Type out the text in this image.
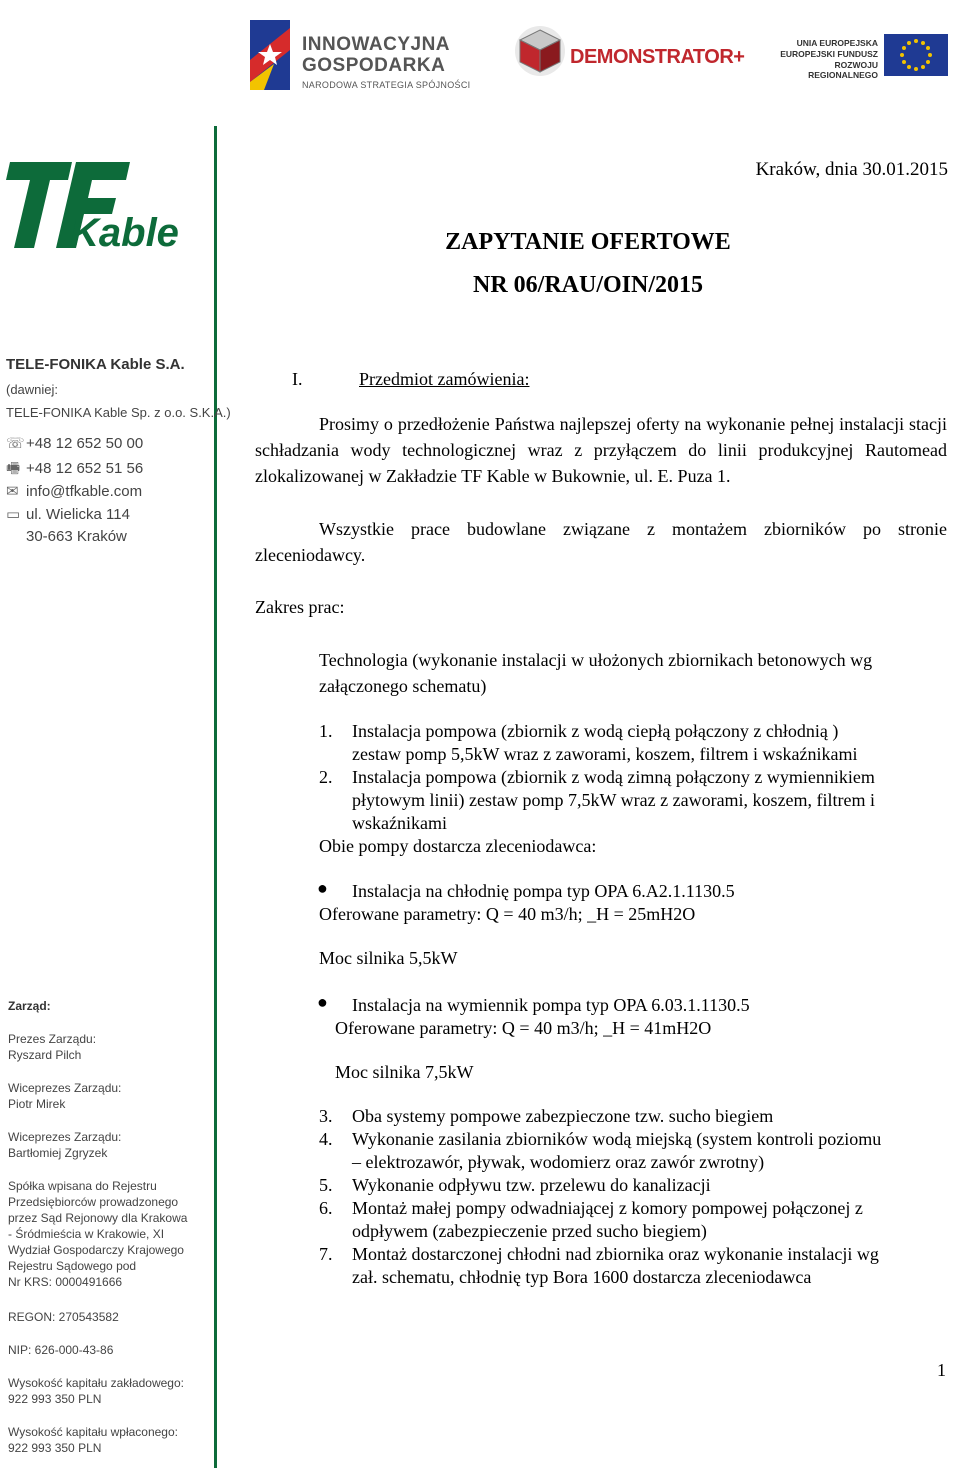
INNOWACYJNA
GOSPODARKA
NARODOWA STRATEGIA SPÓJNOŚCI
DEMONSTRATOR+
UNIA EUROPEJSKA
EUROPEJSKI FUNDUSZ
ROZWOJU REGIONALNEGO
Kable
TELE-FONIKA Kable S.A.
(dawniej:
TELE-FONIKA Kable Sp. z o.o. S.K.A.)
☏+48 12 652 50 00
🖷 +48 12 652 51 56
✉ info@tfkable.com
▭ ul. Wielicka 114
30-663 Kraków
Zarząd:
Prezes Zarządu:
Ryszard Pilch
Wiceprezes Zarządu:
Piotr Mirek
Wiceprezes Zarządu:
Bartłomiej Zgryzek
Spółka wpisana do Rejestru
Przedsiębiorców prowadzonego
przez Sąd Rejonowy dla Krakowa
- Śródmieścia w Krakowie, XI
Wydział Gospodarczy Krajowego
Rejestru Sądowego pod
Nr KRS: 0000491666
REGON: 270543582
NIP: 626-000-43-86
Wysokość kapitału zakładowego:
922 993 350 PLN
Wysokość kapitału wpłaconego:
922 993 350 PLN
Kraków, dnia 30.01.2015
ZAPYTANIE OFERTOWE
NR 06/RAU/OIN/2015
I.	Przedmiot zamówienia:
Prosimy o przedłożenie Państwa najlepszej oferty na wykonanie pełnej instalacji stacji schładzania wody technologicznej wraz z przyłączem do linii produkcyjnej Rautomead zlokalizowanej w Zakładzie TF Kable w Bukownie, ul. E. Puza 1.
Wszystkie prace budowlane związane z montażem zbiorników po stronie zleceniodawcy.
Zakres prac:
Technologia (wykonanie instalacji w ułożonych zbiornikach betonowych wg
załączonego schematu)
1. Instalacja pompowa (zbiornik z wodą ciepłą połączony z chłodnią )
zestaw pomp 5,5kW wraz z zaworami, koszem, filtrem i wskaźnikami
2. Instalacja pompowa (zbiornik z wodą zimną połączony z wymiennikiem
płytowym linii) zestaw pomp 7,5kW wraz z zaworami, koszem, filtrem i
wskaźnikami
Obie pompy dostarcza zleceniodawca:
● Instalacja na chłodnię pompa typ OPA 6.A2.1.1130.5
Oferowane parametry: Q = 40 m3/h; _H = 25mH2O
Moc silnika 5,5kW
● Instalacja na wymiennik pompa typ OPA 6.03.1.1130.5
Oferowane parametry: Q = 40 m3/h; _H = 41mH2O
Moc silnika 7,5kW
3. Oba systemy pompowe zabezpieczone tzw. sucho biegiem
4. Wykonanie zasilania zbiorników wodą miejską (system kontroli poziomu
– elektrozawór, pływak, wodomierz oraz zawór zwrotny)
5. Wykonanie odpływu tzw. przelewu do kanalizacji
6. Montaż małej pompy odwadniającej z komory pompowej połączonej z
odpływem (zabezpieczenie przed sucho biegiem)
7. Montaż dostarczonej chłodni nad zbiornika oraz wykonanie instalacji wg
zał. schematu, chłodnię typ Bora 1600 dostarcza zleceniodawca
1
